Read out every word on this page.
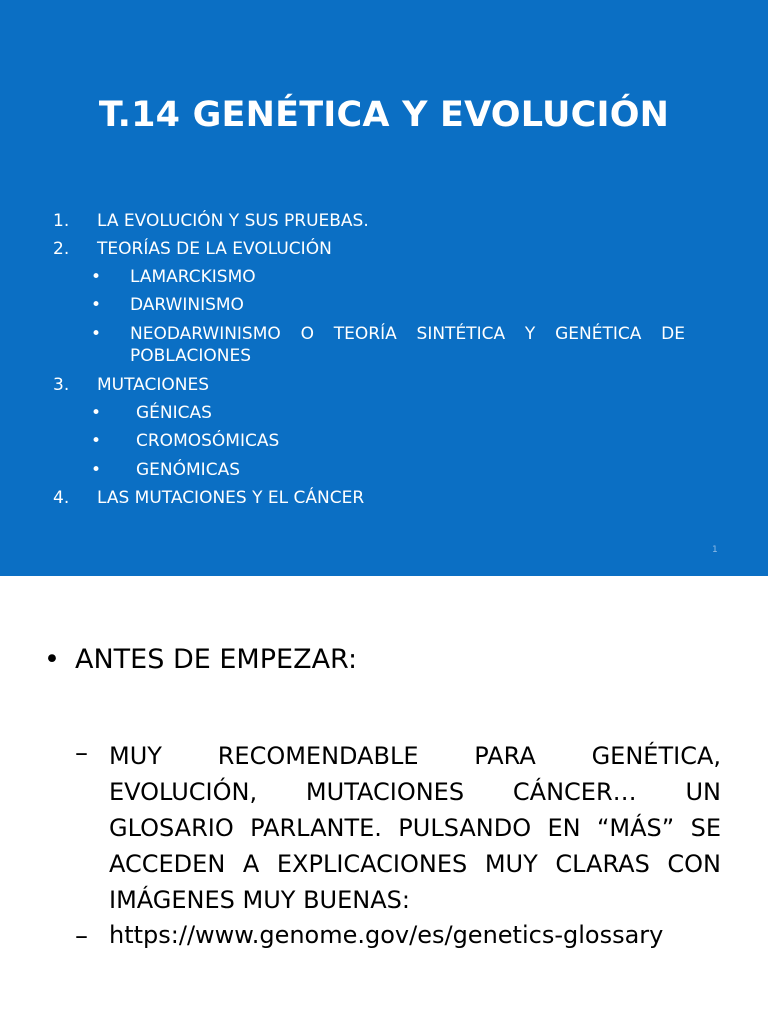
T.14 GENÉTICA Y EVOLUCIÓN
1. LA EVOLUCIÓN Y SUS PRUEBAS.
2. TEORÍAS DE LA EVOLUCIÓN
• LAMARCKISMO
• DARWINISMO
• NEODARWINISMO O TEORÍA SINTÉTICA Y GENÉTICA DE
POBLACIONES
3. MUTACIONES
• GÉNICAS
• CROMOSÓMICAS
• GENÓMICAS
4. LAS MUTACIONES Y EL CÁNCER
1
• ANTES DE EMPEZAR:
– MUY RECOMENDABLE PARA GENÉTICA, EVOLUCIÓN, MUTACIONES CÁNCER… UN GLOSARIO PARLANTE. PULSANDO EN “MÁS” SE ACCEDEN A EXPLICACIONES MUY CLARAS CON IMÁGENES MUY BUENAS:
– https://www.genome.gov/es/genetics-glossary
